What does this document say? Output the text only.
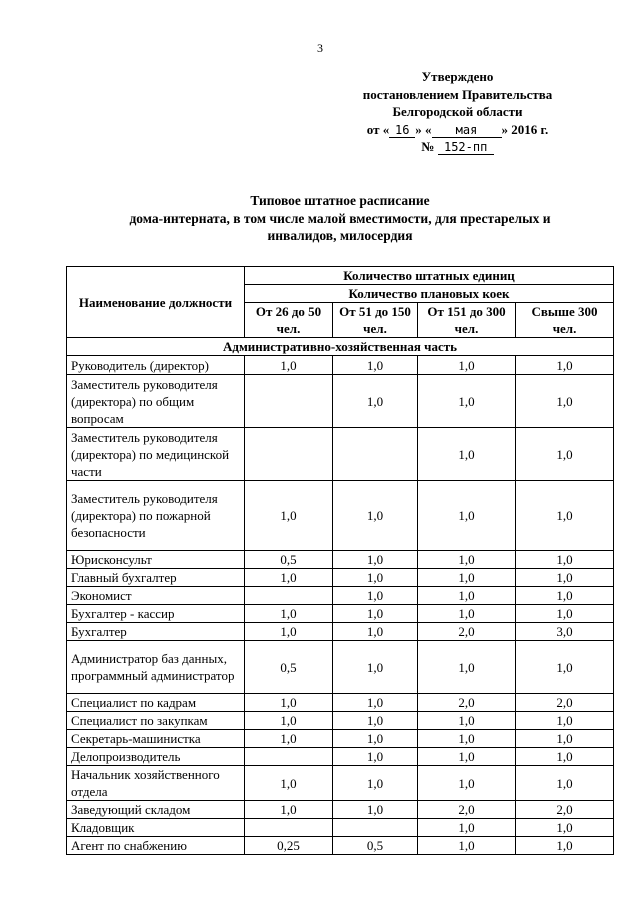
3
Утверждено
постановлением Правительства
Белгородской области
от « 16 » « мая » 2016 г.
№ 152-пп
Типовое штатное расписание
дома-интерната, в том числе малой вместимости, для престарелых и
инвалидов, милосердия
Наименование должности	Количество штатных единиц			
	Количество плановых коек			
	От 26 до 50 чел.	От 51 до 150 чел.	От 151 до 300 чел.	Свыше 300 чел.
Административно-хозяйственная часть				
Руководитель (директор)	1,0	1,0	1,0	1,0
Заместитель руководителя (директора) по общим вопросам		1,0	1,0	1,0
Заместитель руководителя (директора) по медицинской части			1,0	1,0
Заместитель руководителя (директора) по пожарной безопасности	1,0	1,0	1,0	1,0
Юрисконсульт	0,5	1,0	1,0	1,0
Главный бухгалтер	1,0	1,0	1,0	1,0
Экономист		1,0	1,0	1,0
Бухгалтер - кассир	1,0	1,0	1,0	1,0
Бухгалтер	1,0	1,0	2,0	3,0
Администратор баз данных, программный администратор	0,5	1,0	1,0	1,0
Специалист по кадрам	1,0	1,0	2,0	2,0
Специалист по закупкам	1,0	1,0	1,0	1,0
Секретарь-машинистка	1,0	1,0	1,0	1,0
Делопроизводитель		1,0	1,0	1,0
Начальник хозяйственного отдела	1,0	1,0	1,0	1,0
Заведующий складом	1,0	1,0	2,0	2,0
Кладовщик			1,0	1,0
Агент по снабжению	0,25	0,5	1,0	1,0
